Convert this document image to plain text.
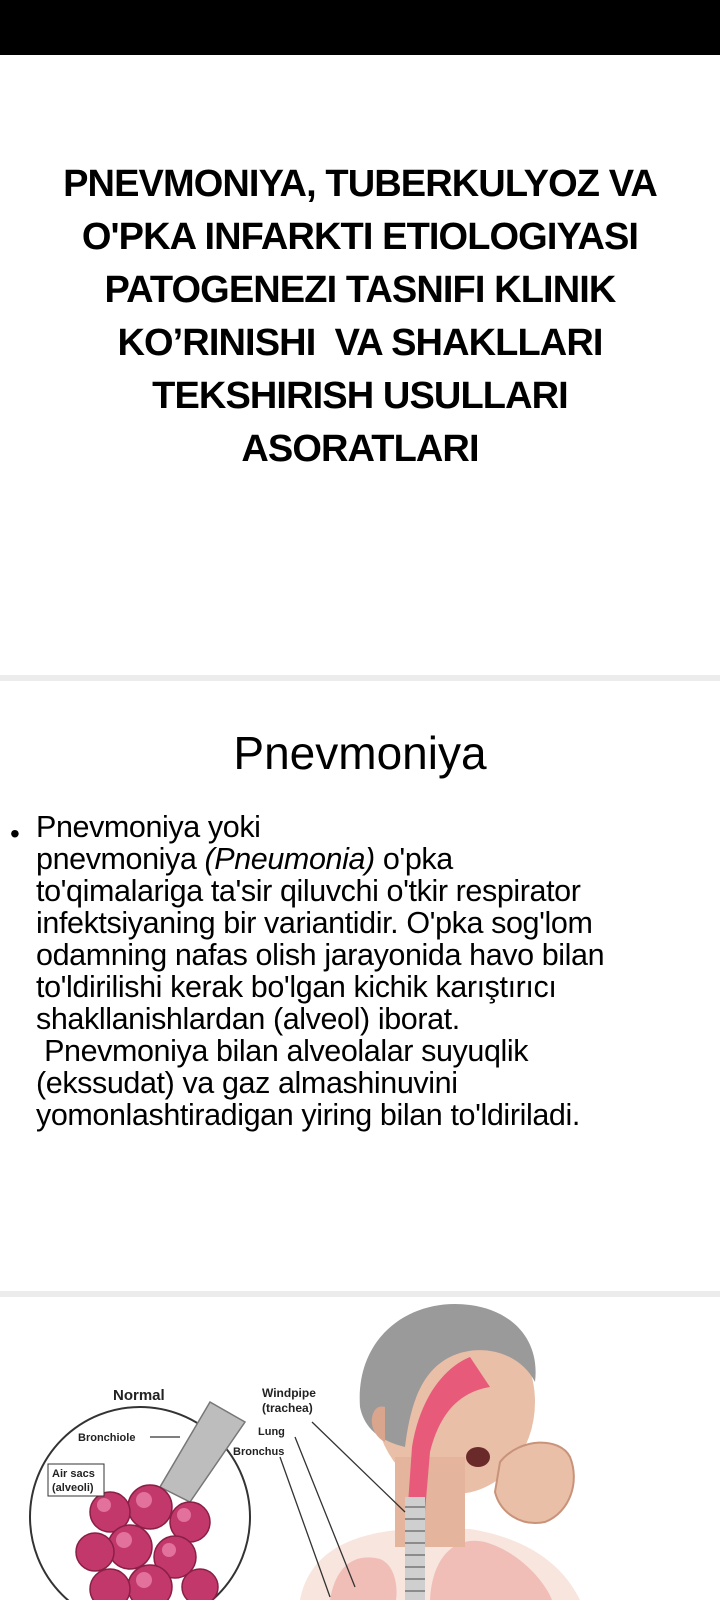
PNEVMONIYA, TUBERKULYOZ VA
O'PKA INFARKTI ETIOLOGIYASI
PATOGENEZI TASNIFI KLINIK
KO’RINISHI  VA SHAKLLARI
TEKSHIRISH USULLARI
ASORATLARI
Pnevmoniya
• Pnevmoniya yoki
pnevmoniya (Pneumonia) o'pka
to'qimalariga ta'sir qiluvchi o'tkir respirator
infektsiyaning bir variantidir. O'pka sog'lom
odamning nafas olish jarayonida havo bilan
to'ldirilishi kerak bo'lgan kichik karıştırıcı
shakllanishlardan (alveol) iborat.
Pnevmoniya bilan alveolalar suyuqlik
(ekssudat) va gaz almashinuvini
yomonlashtiradigan yiring bilan to'ldiriladi.
Normal
Bronchiole
Air sacs
(alveoli)
Windpipe
(trachea)
Lung
Bronchus
